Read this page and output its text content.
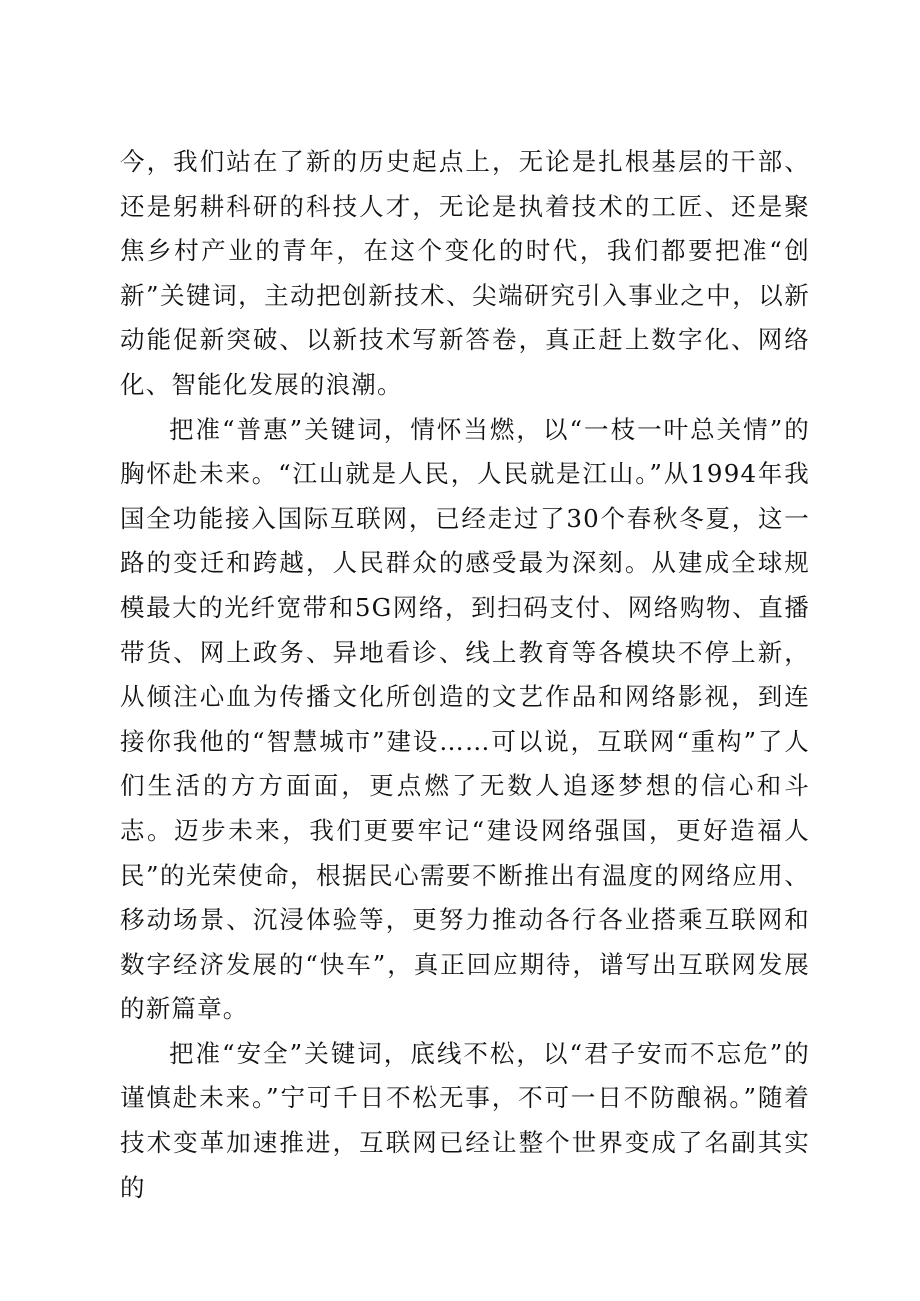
今，我们站在了新的历史起点上，无论是扎根基层的干部、还是躬耕科研的科技人才，无论是执着技术的工匠、还是聚焦乡村产业的青年，在这个变化的时代，我们都要把准“创新”关键词，主动把创新技术、尖端研究引入事业之中，以新动能促新突破、以新技术写新答卷，真正赶上数字化、网络化、智能化发展的浪潮。

把准“普惠”关键词，情怀当燃，以“一枝一叶总关情”的胸怀赴未来。“江山就是人民，人民就是江山。”从1994年我国全功能接入国际互联网，已经走过了30个春秋冬夏，这一路的变迁和跨越，人民群众的感受最为深刻。从建成全球规模最大的光纤宽带和5G网络，到扫码支付、网络购物、直播带货、网上政务、异地看诊、线上教育等各模块不停上新，从倾注心血为传播文化所创造的文艺作品和网络影视，到连接你我他的“智慧城市”建设……可以说，互联网“重构”了人们生活的方方面面，更点燃了无数人追逐梦想的信心和斗志。迈步未来，我们更要牢记“建设网络强国，更好造福人民”的光荣使命，根据民心需要不断推出有温度的网络应用、移动场景、沉浸体验等，更努力推动各行各业搭乘互联网和数字经济发展的“快车”，真正回应期待，谱写出互联网发展的新篇章。

把准“安全”关键词，底线不松，以“君子安而不忘危”的谨慎赴未来。”宁可千日不松无事，不可一日不防酿祸。”随着技术变革加速推进，互联网已经让整个世界变成了名副其实的
